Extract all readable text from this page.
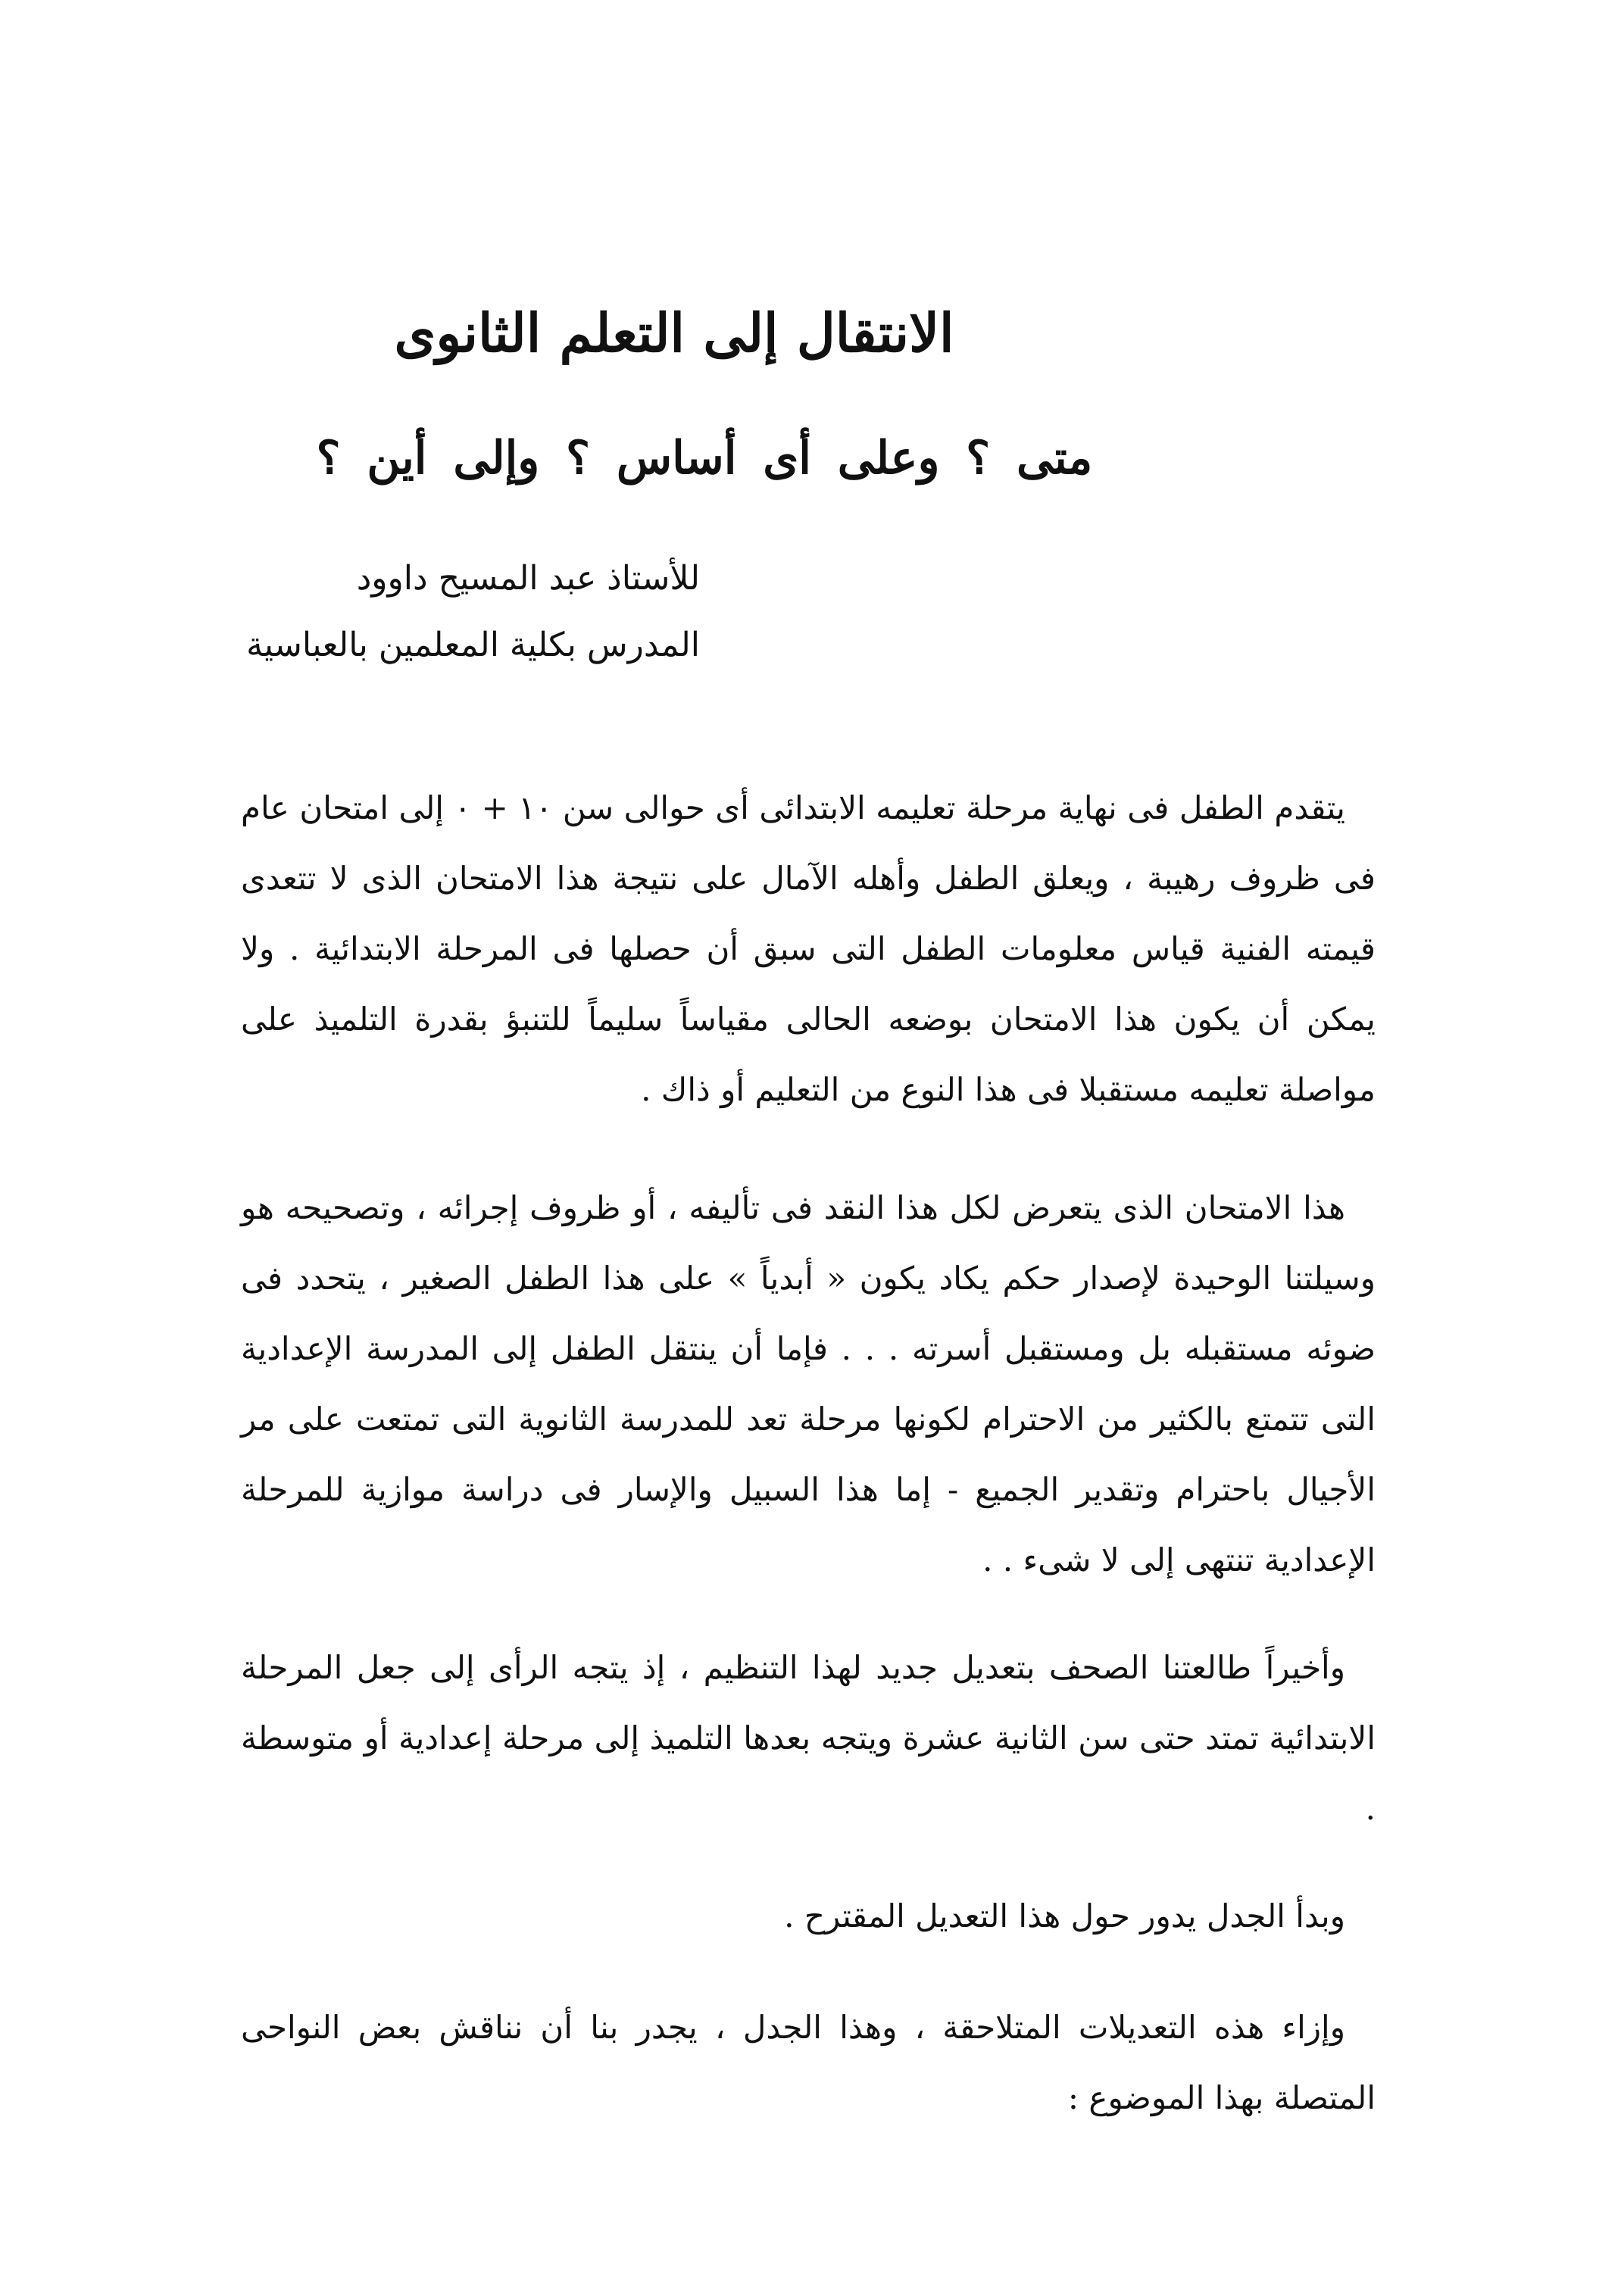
الانتقال إلى التعلم الثانوى
متى ؟ وعلى أى أساس ؟ وإلى أين ؟
للأستاذ عبد المسيح داوود
المدرس بكلية المعلمين بالعباسية

يتقدم الطفل فى نهاية مرحلة تعليمه الابتدائى أى حوالى سن ١٠ + ٠ إلى امتحان عام فى ظروف رهيبة ، ويعلق الطفل وأهله الآمال على نتيجة هذا الامتحان الذى لا تتعدى قيمته الفنية قياس معلومات الطفل التى سبق أن حصلها فى المرحلة الابتدائية . ولا يمكن أن يكون هذا الامتحان بوضعه الحالى مقياساً سليماً للتنبؤ بقدرة التلميذ على مواصلة تعليمه مستقبلا فى هذا النوع من التعليم أو ذاك .

هذا الامتحان الذى يتعرض لكل هذا النقد فى تأليفه ، أو ظروف إجرائه ، وتصحيحه هو وسيلتنا الوحيدة لإصدار حكم يكاد يكون « أبدياً » على هذا الطفل الصغير ، يتحدد فى ضوئه مستقبله بل ومستقبل أسرته . . . فإما أن ينتقل الطفل إلى المدرسة الإعدادية التى تتمتع بالكثير من الاحترام لكونها مرحلة تعد للمدرسة الثانوية التى تمتعت على مر الأجيال باحترام وتقدير الجميع - إما هذا السبيل والإسار فى دراسة موازية للمرحلة الإعدادية تنتهى إلى لا شىء . .

وأخيراً طالعتنا الصحف بتعديل جديد لهذا التنظيم ، إذ يتجه الرأى إلى جعل المرحلة الابتدائية تمتد حتى سن الثانية عشرة ويتجه بعدها التلميذ إلى مرحلة إعدادية أو متوسطة .

وبدأ الجدل يدور حول هذا التعديل المقترح .

وإزاء هذه التعديلات المتلاحقة ، وهذا الجدل ، يجدر بنا أن نناقش بعض النواحى المتصلة بهذا الموضوع :
